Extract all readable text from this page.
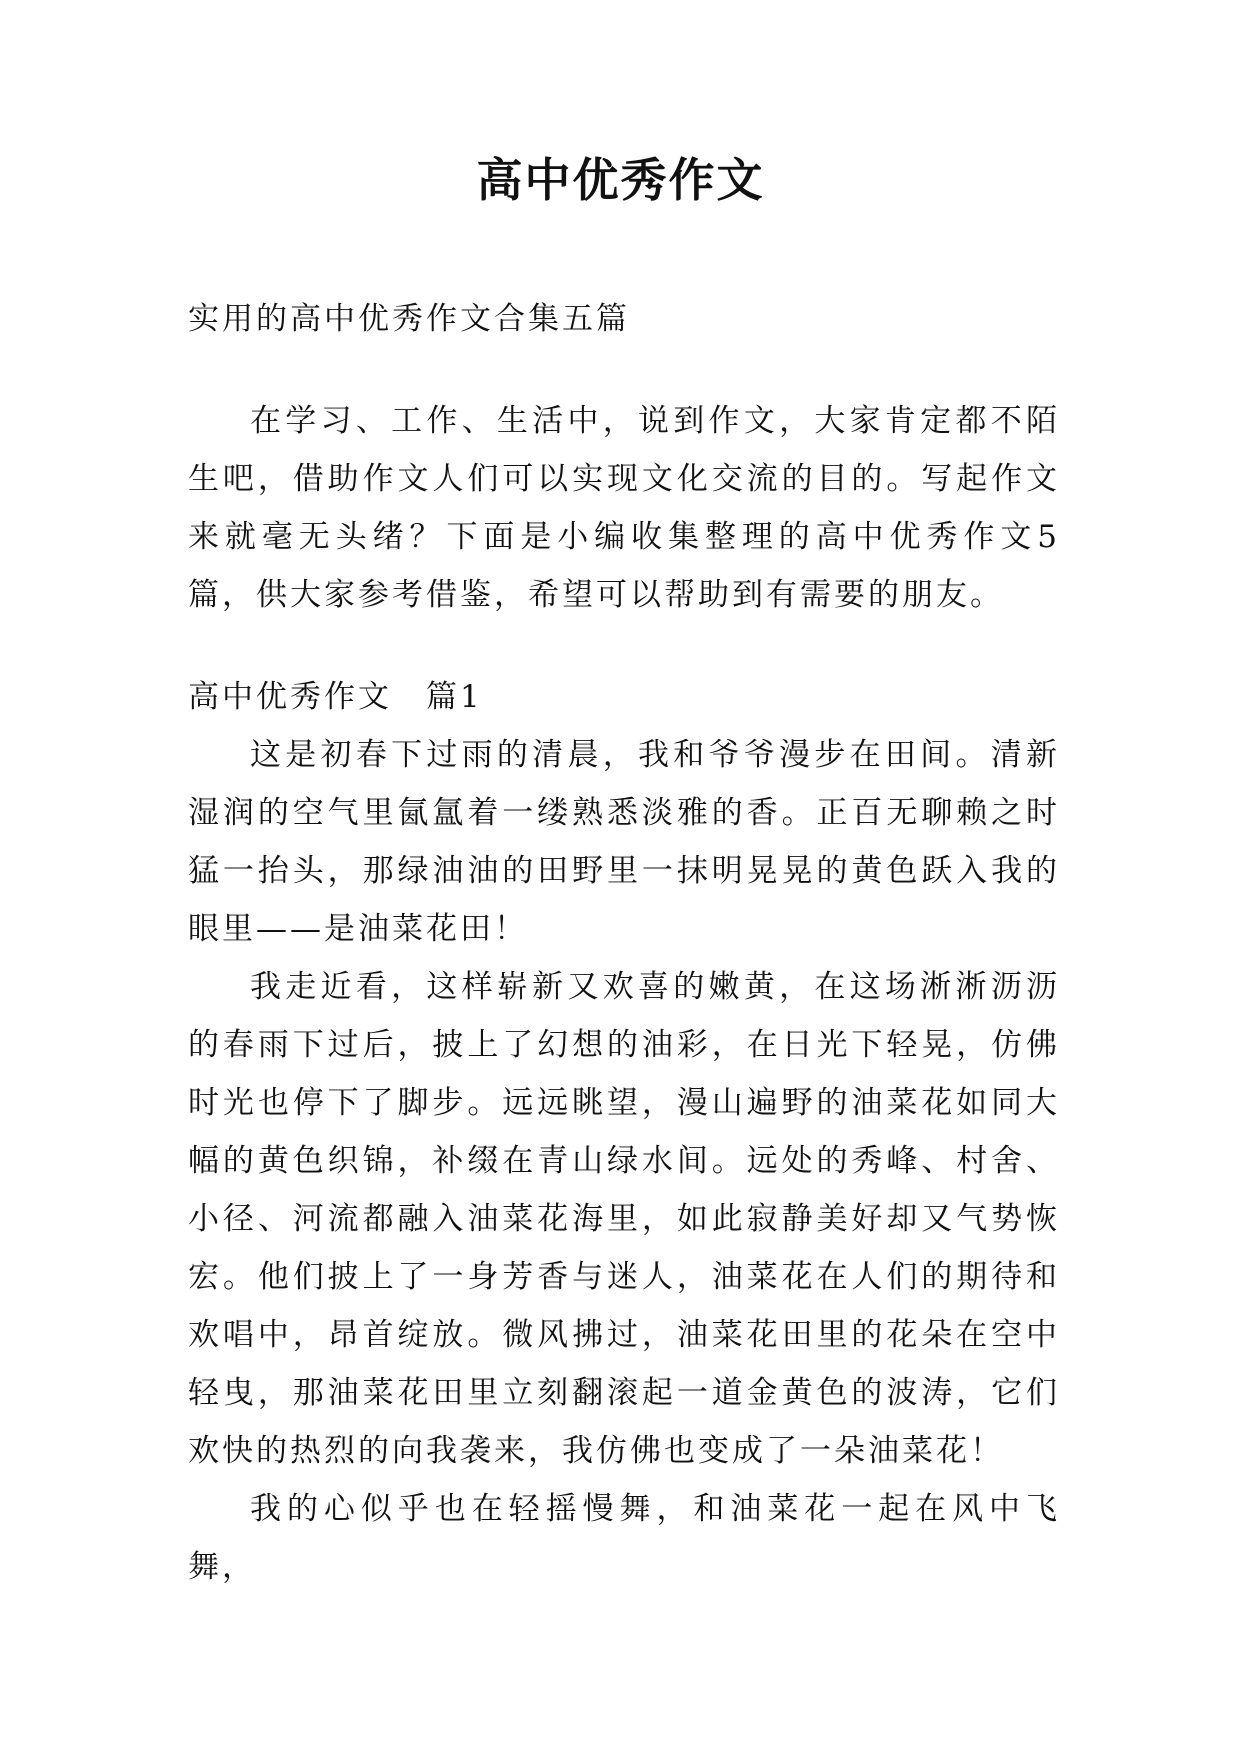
高中优秀作文

实用的高中优秀作文合集五篇

在学习、工作、生活中，说到作文，大家肯定都不陌生吧，借助作文人们可以实现文化交流的目的。写起作文来就毫无头绪？下面是小编收集整理的高中优秀作文5篇，供大家参考借鉴，希望可以帮助到有需要的朋友。

高中优秀作文　篇1

这是初春下过雨的清晨，我和爷爷漫步在田间。清新湿润的空气里氤氲着一缕熟悉淡雅的香。正百无聊赖之时猛一抬头，那绿油油的田野里一抹明晃晃的黄色跃入我的眼里——是油菜花田！

我走近看，这样崭新又欢喜的嫩黄，在这场淅淅沥沥的春雨下过后，披上了幻想的油彩，在日光下轻晃，仿佛时光也停下了脚步。远远眺望，漫山遍野的油菜花如同大幅的黄色织锦，补缀在青山绿水间。远处的秀峰、村舍、小径、河流都融入油菜花海里，如此寂静美好却又气势恢宏。他们披上了一身芳香与迷人，油菜花在人们的期待和欢唱中，昂首绽放。微风拂过，油菜花田里的花朵在空中轻曳，那油菜花田里立刻翻滚起一道金黄色的波涛，它们欢快的热烈的向我袭来，我仿佛也变成了一朵油菜花！

我的心似乎也在轻摇慢舞，和油菜花一起在风中飞舞，
